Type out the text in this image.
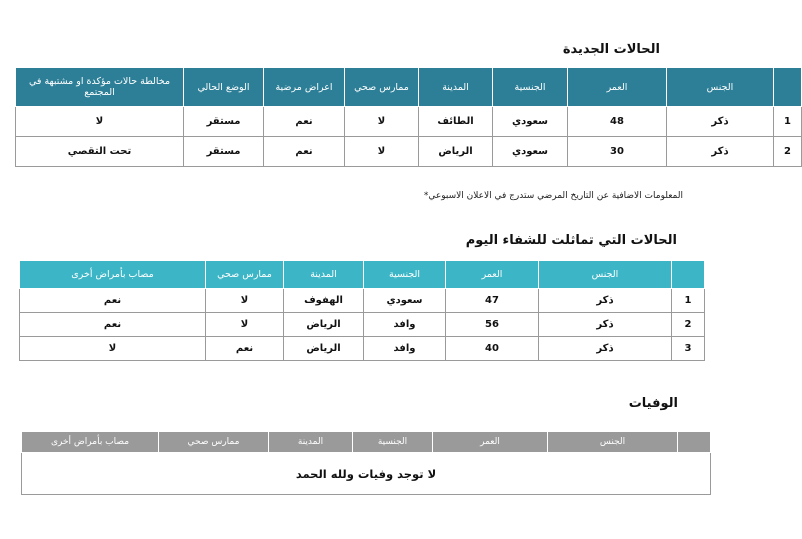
الحالات الجديدة
	الجنس	العمر	الجنسية	المدينة	ممارس صحي	اعراض مرضية	الوضع الحالي	مخالطة حالات مؤكدة او مشتبهة في المجتمع
1	ذكر	48	سعودي	الطائف	لا	نعم	مستقر	لا
2	ذكر	30	سعودي	الرياض	لا	نعم	مستقر	تحت التقصي
المعلومات الاضافية عن التاريخ المرضي ستدرج في الاعلان الاسبوعي*
الحالات التي تماثلت للشفاء اليوم
	الجنس	العمر	الجنسية	المدينة	ممارس صحي	مصاب بأمراض أخرى
1	ذكر	47	سعودي	الهفوف	لا	نعم
2	ذكر	56	وافد	الرياض	لا	نعم
3	ذكر	40	وافد	الرياض	نعم	لا
الوفيات
	الجنس	العمر	الجنسية	المدينة	ممارس صحي	مصاب بأمراض أخرى
لا توجد وفيات ولله الحمد
